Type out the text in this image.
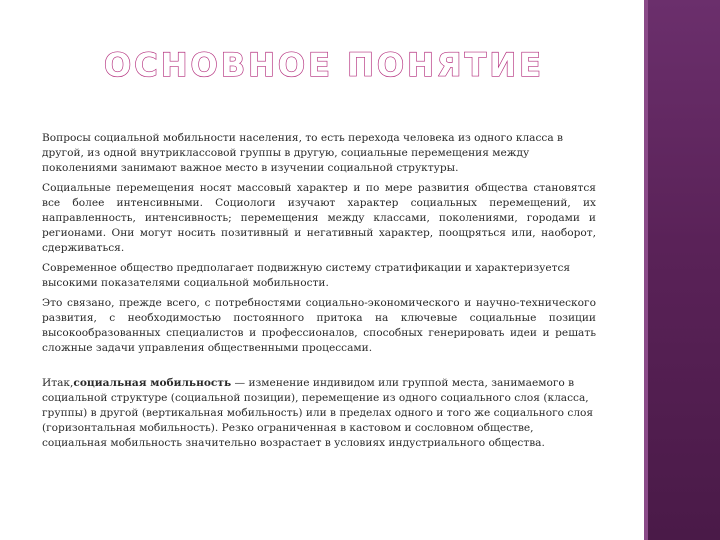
ОСНОВНОЕ ПОНЯТИЕ

Вопросы социальной мобильности населения, то есть перехода человека из одного класса в другой, из одной внутриклассовой группы в другую, социальные перемещения между поколениями занимают важное место в изучении социальной структуры.

Социальные перемещения носят массовый характер и по мере развития общества становятся все более интенсивными. Социологи изучают характер социальных перемещений, их направленность, интенсивность; перемещения между классами, поколениями, городами и регионами. Они могут носить позитивный и негативный характер, поощряться или, наоборот, сдерживаться.

Современное общество предполагает подвижную систему стратификации и характеризуется высокими показателями социальной мобильности.

Это связано, прежде всего, с потребностями социально-экономического и научно-технического развития, с необходимостью постоянного притока на ключевые социальные позиции высокообразованных специалистов и профессионалов, способных генерировать идеи и решать сложные задачи управления общественными процессами.

Итак,социальная мобильность — изменение индивидом или группой места, занимаемого в социальной структуре (социальной позиции), перемещение из одного социального слоя (класса, группы) в другой (вертикальная мобильность) или в пределах одного и того же социального слоя (горизонтальная мобильность). Резко ограниченная в кастовом и сословном обществе, социальная мобильность значительно возрастает в условиях индустриального общества.
